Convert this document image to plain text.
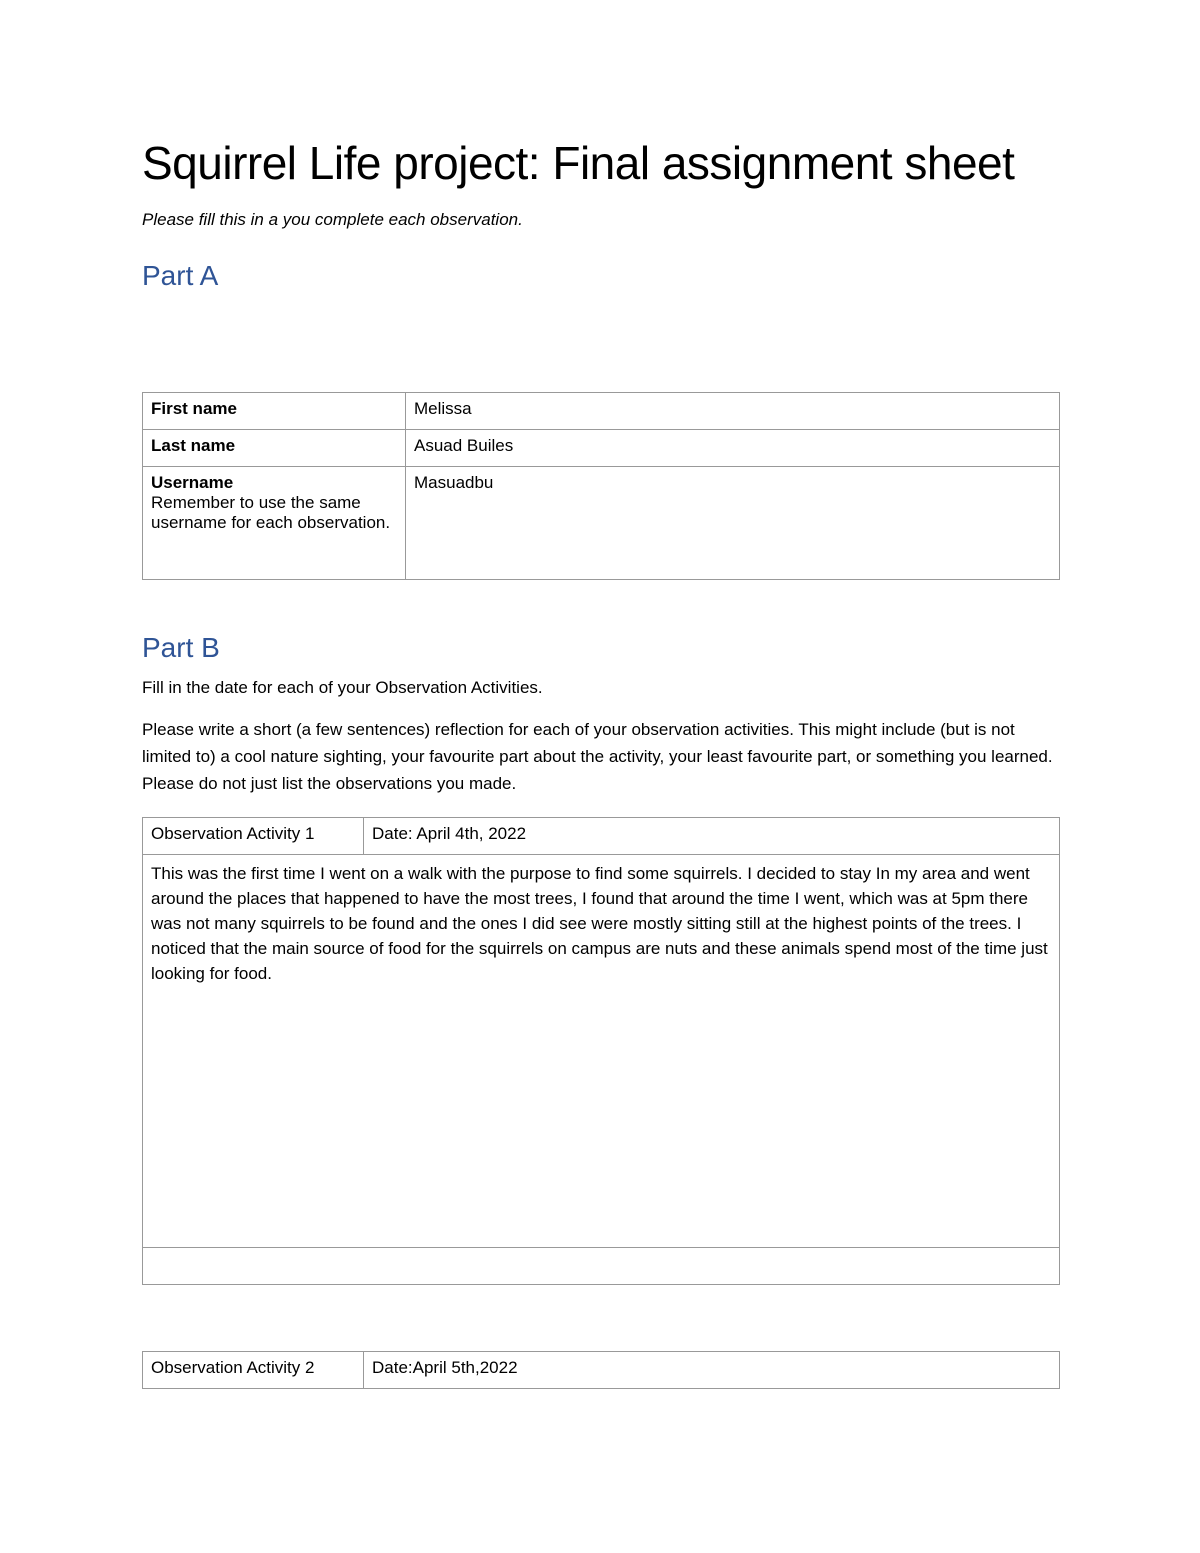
Squirrel Life project: Final assignment sheet

Please fill this in a you complete each observation.

Part A
First name	Melissa
Last name	Asuad Builes

Username
Remember to use the same username for each observation.	Masuadbu
Part B

Fill in the date for each of your Observation Activities.

Please write a short (a few sentences) reflection for each of your observation activities. This might include (but is not limited to) a cool nature sighting, your favourite part about the activity, your least favourite part, or something you learned. Please do not just list the observations you made.

Observation Activity 1	Date: April 4th, 2022
This was the first time I went on a walk with the purpose to find some squirrels. I decided to stay In my area and went around the places that happened to have the most trees, I found that around the time I went, which was at 5pm there was not many squirrels to be found and the ones I did see were mostly sitting still at the highest points of the trees. I noticed that the main source of food for the squirrels on campus are nuts and these animals spend most of the time just looking for food.

Observation Activity 2	Date:April 5th,2022
